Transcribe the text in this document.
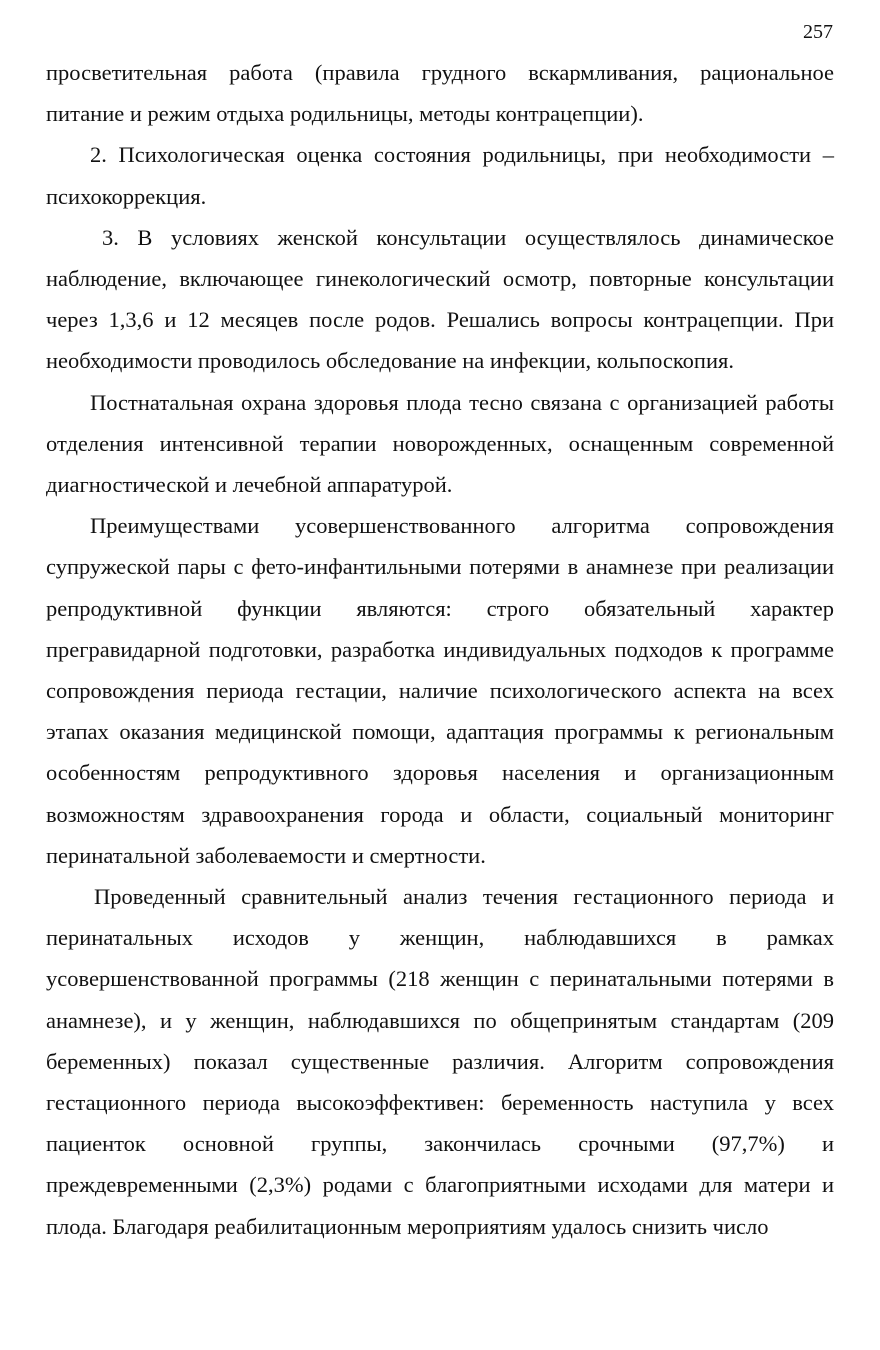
257

просветительная работа (правила грудного вскармливания, рациональное питание и режим отдыха родильницы, методы контрацепции).

2. Психологическая оценка состояния родильницы, при необходимости – психокоррекция.

3. В условиях женской консультации осуществлялось динамическое наблюдение, включающее гинекологический осмотр, повторные консультации через 1,3,6 и 12 месяцев после родов. Решались вопросы контрацепции. При необходимости проводилось обследование на инфекции, кольпоскопия.

Постнатальная охрана здоровья плода тесно связана с организацией работы отделения интенсивной терапии новорожденных, оснащенным современной диагностической и лечебной аппаратурой.

Преимуществами усовершенствованного алгоритма сопровождения супружеской пары с фето-инфантильными потерями в анамнезе при реализации репродуктивной функции являются: строго обязательный характер прегравидарной подготовки, разработка индивидуальных подходов к программе сопровождения периода гестации, наличие психологического аспекта на всех этапах оказания медицинской помощи, адаптация программы к региональным особенностям репродуктивного здоровья населения и организационным возможностям здравоохранения города и области, социальный мониторинг перинатальной заболеваемости и смертности.

Проведенный сравнительный анализ течения гестационного периода и перинатальных исходов у женщин, наблюдавшихся в рамках усовершенствованной программы (218 женщин с перинатальными потерями в анамнезе), и у женщин, наблюдавшихся по общепринятым стандартам (209 беременных) показал существенные различия. Алгоритм сопровождения гестационного периода высокоэффективен: беременность наступила у всех пациенток основной группы, закончилась срочными (97,7%) и преждевременными (2,3%) родами с благоприятными исходами для матери и плода. Благодаря реабилитационным мероприятиям удалось снизить число
